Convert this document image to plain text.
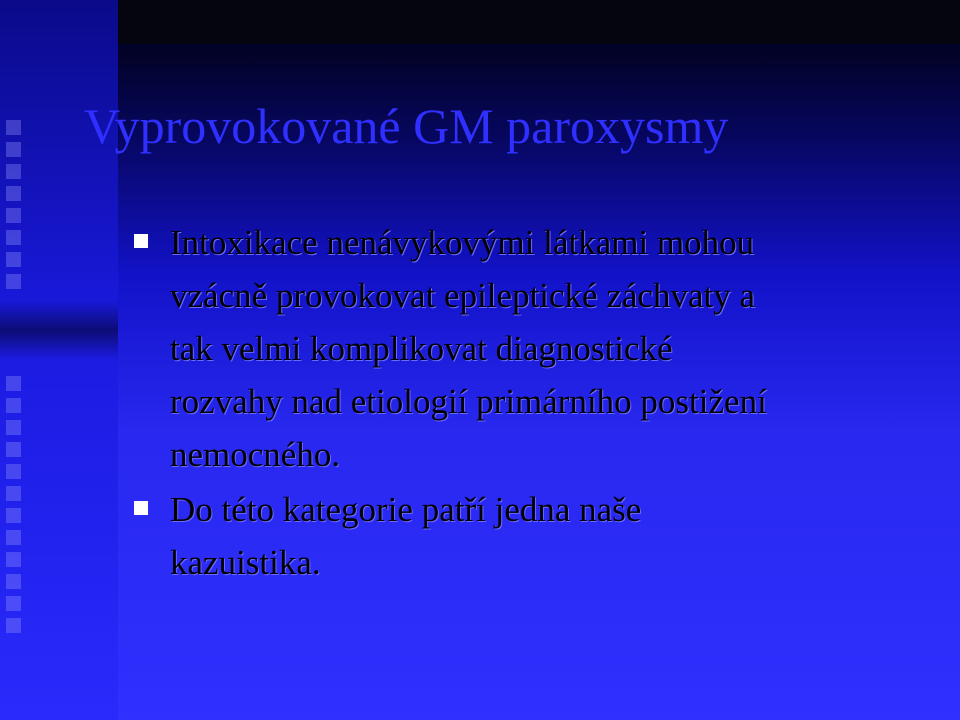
Vyprovokované GM paroxysmy
Intoxikace nenávykovými látkami mohou
vzácně provokovat epileptické záchvaty a
tak velmi komplikovat diagnostické
rozvahy nad etiologií primárního postižení
nemocného.
Do této kategorie patří jedna naše
kazuistika.
